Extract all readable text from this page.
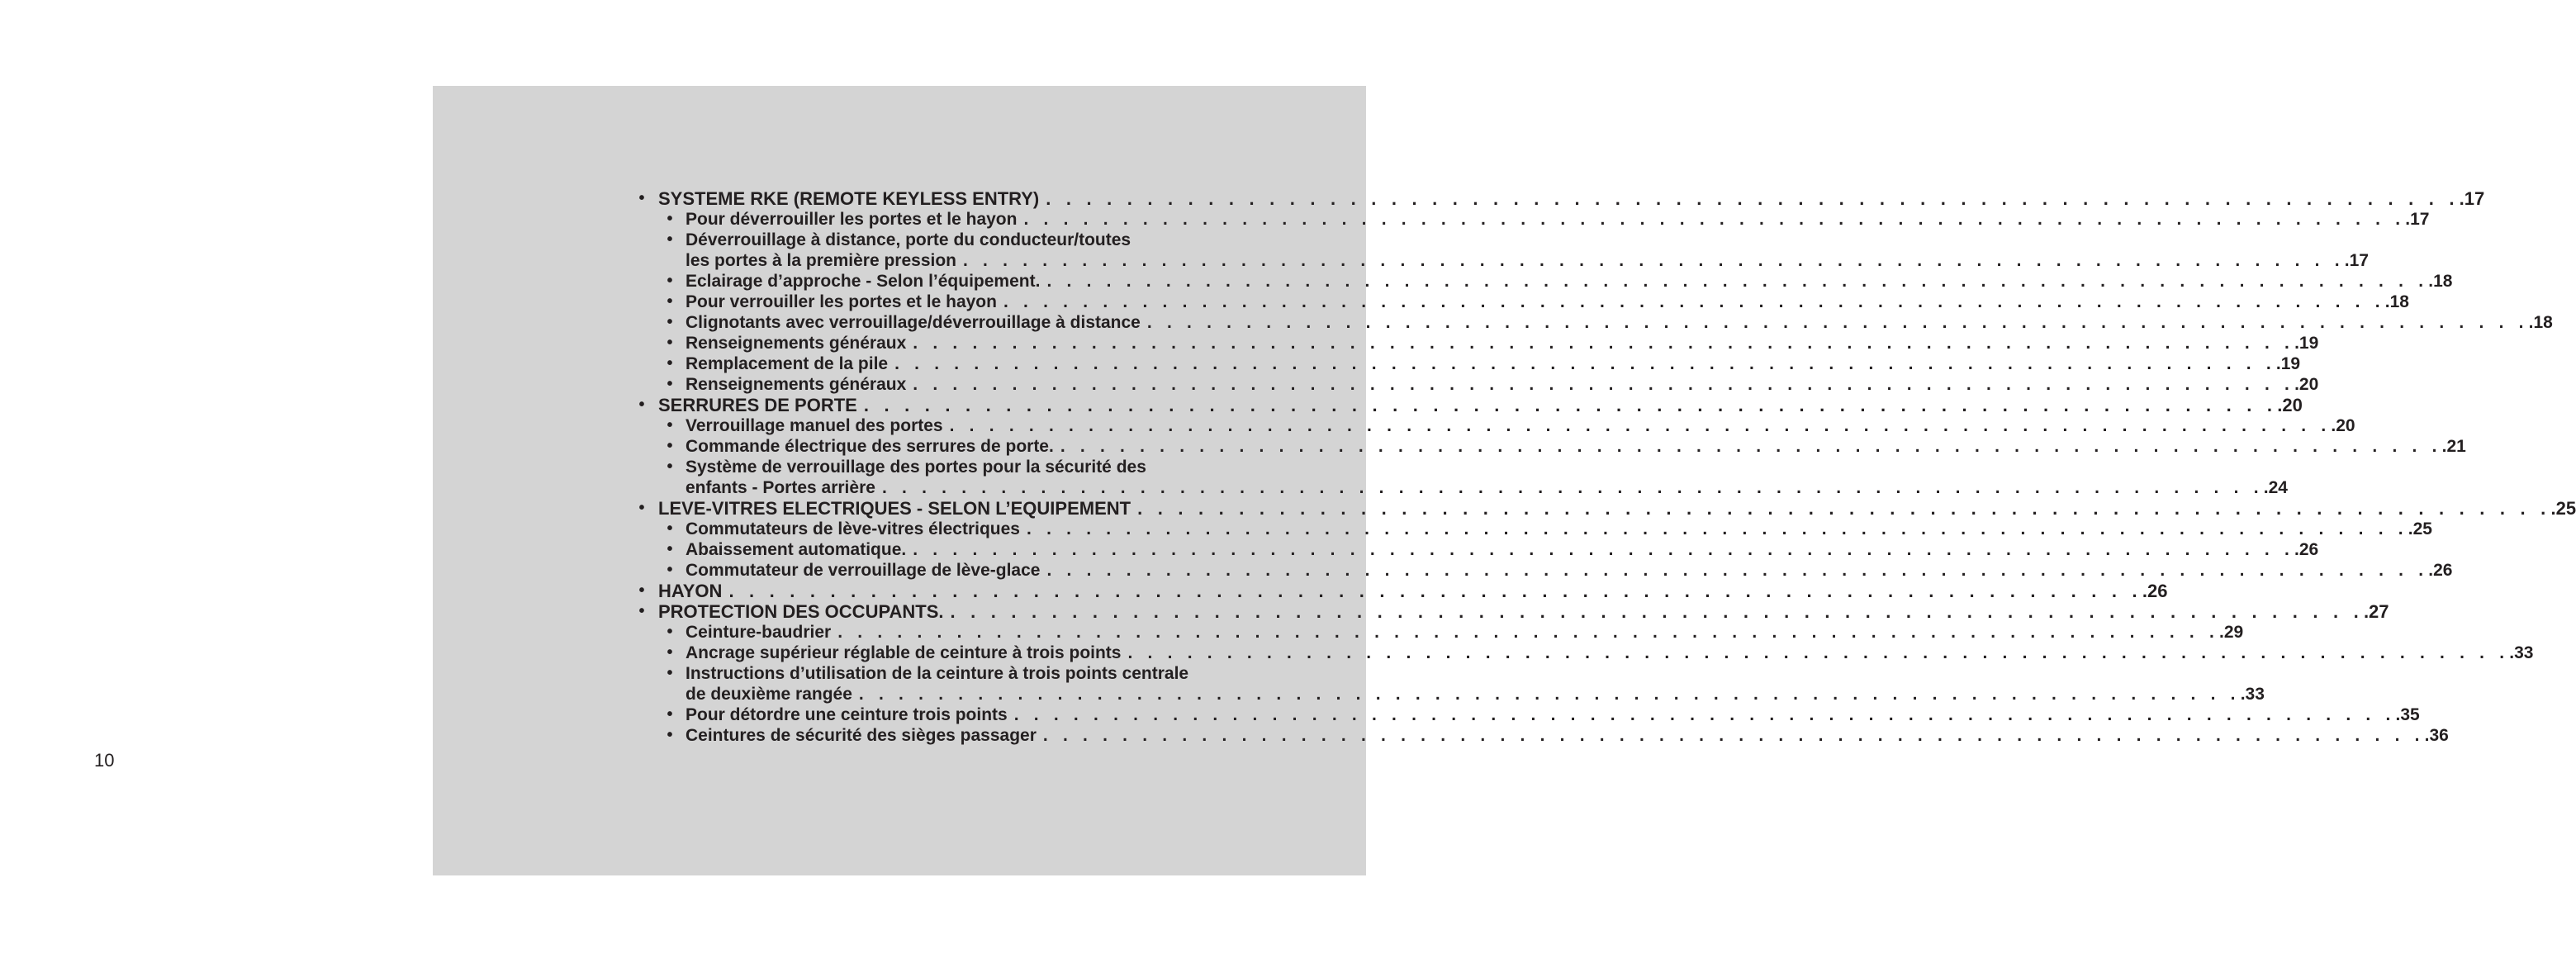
• SYSTEME RKE (REMOTE KEYLESS ENTRY) . . . . . . . . . . . . . . . . . . . . . . . . . . . . . . . . . . . . . . . . . . . . . . . . . . . . . . . . . . . . . . . . . . . . . . .17
• Pour déverrouiller les portes et le hayon . . . . . . . . . . . . . . . . . . . . . . . . . . . . . . . . . . . . . . . . . . . . . . . . . . . . . . . . . . . . . . . . . . . . . . .17
• Déverrouillage à distance, porte du conducteur/toutes
les portes à la première pression . . . . . . . . . . . . . . . . . . . . . . . . . . . . . . . . . . . . . . . . . . . . . . . . . . . . . . . . . . . . . . . . . . . . . . .17
• Eclairage d’approche - Selon l’équipement. . . . . . . . . . . . . . . . . . . . . . . . . . . . . . . . . . . . . . . . . . . . . . . . . . . . . . . . . . . . . . . . . . . . . . . .18
• Pour verrouiller les portes et le hayon . . . . . . . . . . . . . . . . . . . . . . . . . . . . . . . . . . . . . . . . . . . . . . . . . . . . . . . . . . . . . . . . . . . . . . .18
• Clignotants avec verrouillage/déverrouillage à distance . . . . . . . . . . . . . . . . . . . . . . . . . . . . . . . . . . . . . . . . . . . . . . . . . . . . . . . . . . . . . . . . . . . . . . .18
• Renseignements généraux . . . . . . . . . . . . . . . . . . . . . . . . . . . . . . . . . . . . . . . . . . . . . . . . . . . . . . . . . . . . . . . . . . . . . . .19
• Remplacement de la pile . . . . . . . . . . . . . . . . . . . . . . . . . . . . . . . . . . . . . . . . . . . . . . . . . . . . . . . . . . . . . . . . . . . . . . .19
• Renseignements généraux . . . . . . . . . . . . . . . . . . . . . . . . . . . . . . . . . . . . . . . . . . . . . . . . . . . . . . . . . . . . . . . . . . . . . . .20
• SERRURES DE PORTE . . . . . . . . . . . . . . . . . . . . . . . . . . . . . . . . . . . . . . . . . . . . . . . . . . . . . . . . . . . . . . . . . . . . . . .20
• Verrouillage manuel des portes . . . . . . . . . . . . . . . . . . . . . . . . . . . . . . . . . . . . . . . . . . . . . . . . . . . . . . . . . . . . . . . . . . . . . . .20
• Commande électrique des serrures de porte. . . . . . . . . . . . . . . . . . . . . . . . . . . . . . . . . . . . . . . . . . . . . . . . . . . . . . . . . . . . . . . . . . . . . . . .21
• Système de verrouillage des portes pour la sécurité des
enfants - Portes arrière . . . . . . . . . . . . . . . . . . . . . . . . . . . . . . . . . . . . . . . . . . . . . . . . . . . . . . . . . . . . . . . . . . . . . . .24
• LEVE-VITRES ELECTRIQUES - SELON L’EQUIPEMENT . . . . . . . . . . . . . . . . . . . . . . . . . . . . . . . . . . . . . . . . . . . . . . . . . . . . . . . . . . . . . . . . . . . . . . .25
• Commutateurs de lève-vitres électriques . . . . . . . . . . . . . . . . . . . . . . . . . . . . . . . . . . . . . . . . . . . . . . . . . . . . . . . . . . . . . . . . . . . . . . .25
• Abaissement automatique. . . . . . . . . . . . . . . . . . . . . . . . . . . . . . . . . . . . . . . . . . . . . . . . . . . . . . . . . . . . . . . . . . . . . . . .26
• Commutateur de verrouillage de lève-glace . . . . . . . . . . . . . . . . . . . . . . . . . . . . . . . . . . . . . . . . . . . . . . . . . . . . . . . . . . . . . . . . . . . . . . .26
• HAYON . . . . . . . . . . . . . . . . . . . . . . . . . . . . . . . . . . . . . . . . . . . . . . . . . . . . . . . . . . . . . . . . . . . . . . .26
• PROTECTION DES OCCUPANTS. . . . . . . . . . . . . . . . . . . . . . . . . . . . . . . . . . . . . . . . . . . . . . . . . . . . . . . . . . . . . . . . . . . . . . . .27
• Ceinture-baudrier . . . . . . . . . . . . . . . . . . . . . . . . . . . . . . . . . . . . . . . . . . . . . . . . . . . . . . . . . . . . . . . . . . . . . . .29
• Ancrage supérieur réglable de ceinture à trois points . . . . . . . . . . . . . . . . . . . . . . . . . . . . . . . . . . . . . . . . . . . . . . . . . . . . . . . . . . . . . . . . . . . . . . .33
• Instructions d’utilisation de la ceinture à trois points centrale
de deuxième rangée . . . . . . . . . . . . . . . . . . . . . . . . . . . . . . . . . . . . . . . . . . . . . . . . . . . . . . . . . . . . . . . . . . . . . . .33
• Pour détordre une ceinture trois points . . . . . . . . . . . . . . . . . . . . . . . . . . . . . . . . . . . . . . . . . . . . . . . . . . . . . . . . . . . . . . . . . . . . . . .35
• Ceintures de sécurité des sièges passager . . . . . . . . . . . . . . . . . . . . . . . . . . . . . . . . . . . . . . . . . . . . . . . . . . . . . . . . . . . . . . . . . . . . . . .36
10
